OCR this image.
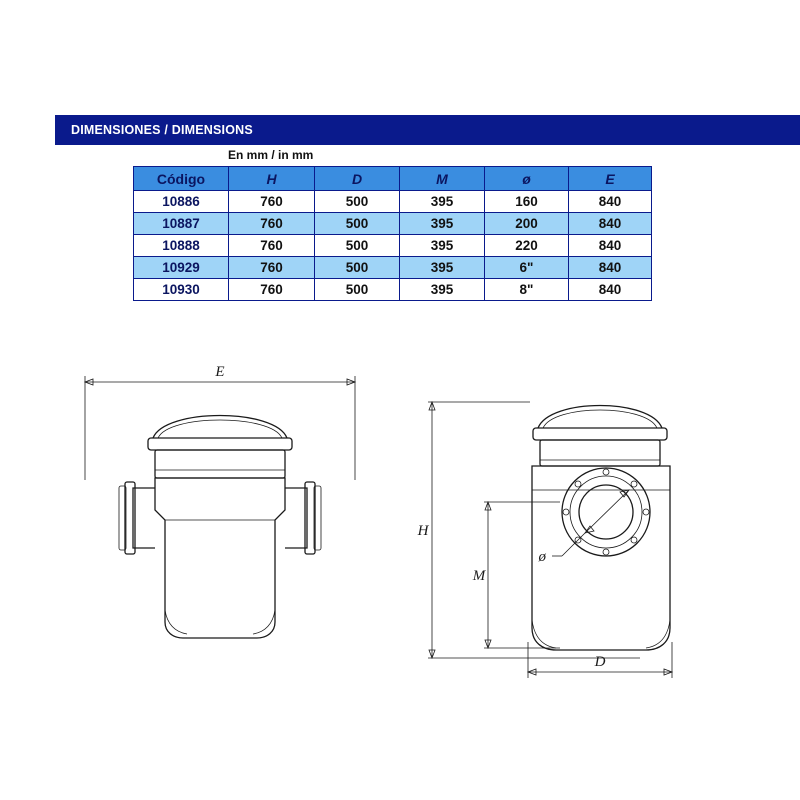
DIMENSIONES / DIMENSIONS
En mm / in mm
Código	H	D	M	ø	E
10886	760	500	395	160	840
10887	760	500	395	200	840
10888	760	500	395	220	840
10929	760	500	395	6"	840
10930	760	500	395	8"	840
E
H
M
D
ø
